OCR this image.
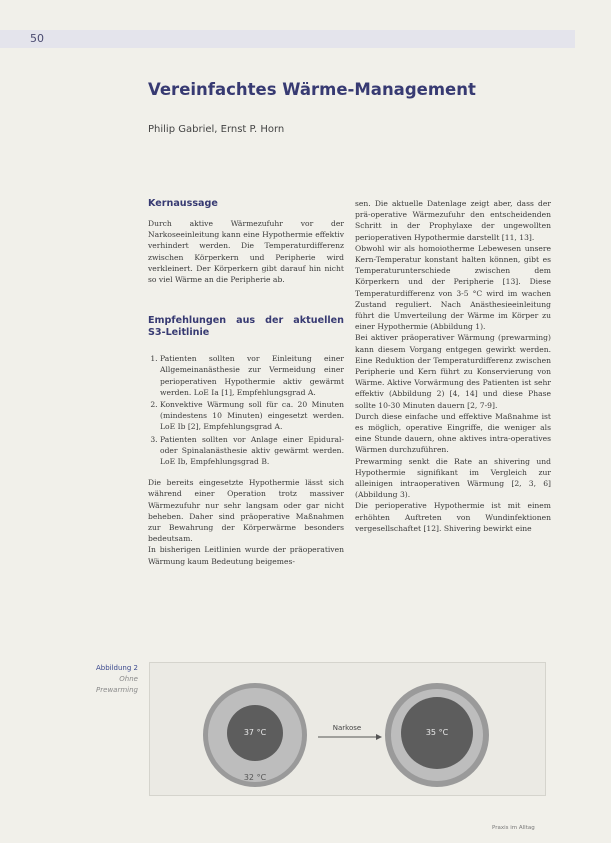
50
Vereinfachtes Wärme-Management
Philip Gabriel, Ernst P. Horn
Kernaussage

Durch aktive Wärmezufuhr vor der Narkoseeinleitung kann eine Hypothermie effektiv verhindert werden. Die Temperaturdifferenz zwischen Körperkern und Peripherie wird verkleinert. Der Körperkern gibt darauf hin nicht so viel Wärme an die Peripherie ab.

Empfehlungen aus der aktuellen S3-Leitlinie
1. Patienten sollten vor Einleitung einer Allgemeinanästhesie zur Vermeidung einer perioperativen Hypothermie aktiv gewärmt werden. LoE Ia [1], Empfehlungsgrad A.
2. Konvektive Wärmung soll für ca. 20 Minuten (mindestens 10 Minuten) eingesetzt werden. LoE Ib [2], Empfehlungsgrad A.
3. Patienten sollten vor Anlage einer Epidural- oder Spinalanästhesie aktiv gewärmt werden. LoE Ib, Empfehlungsgrad B.

Die bereits eingesetzte Hypothermie lässt sich während einer Operation trotz massiver Wärmezufuhr nur sehr langsam oder gar nicht beheben. Daher sind präoperative Maßnahmen zur Bewahrung der Körperwärme besonders bedeutsam.

In bisherigen Leitlinien wurde der präoperativen Wärmung kaum Bedeutung beigemes-

sen. Die aktuelle Datenlage zeigt aber, dass der prä-operative Wärmezufuhr den entscheidenden Schritt in der Prophylaxe der ungewollten perioperativen Hypothermie darstellt [11, 13].

Obwohl wir als homoiotherme Lebewesen unsere Kern-Temperatur konstant halten können, gibt es Temperaturunterschiede zwischen dem Körperkern und der Peripherie [13]. Diese Temperaturdifferenz von 3-5 °C wird im wachen Zustand reguliert. Nach Anästhesieeinleitung führt die Umverteilung der Wärme im Körper zu einer Hypothermie (Abbildung 1).

Bei aktiver präoperativer Wärmung (prewarming) kann diesem Vorgang entgegen gewirkt werden. Eine Reduktion der Temperaturdifferenz zwischen Peripherie und Kern führt zu Konservierung von Wärme. Aktive Vorwärmung des Patienten ist sehr effektiv (Abbildung 2) [4, 14] und diese Phase sollte 10-30 Minuten dauern [2, 7-9].

Durch diese einfache und effektive Maßnahme ist es möglich, operative Eingriffe, die weniger als eine Stunde dauern, ohne aktives intra-operatives Wärmen durchzuführen.

Prewarming senkt die Rate an shivering und Hypothermie signifikant im Vergleich zur alleinigen intraoperativen Wärmung [2, 3, 6] (Abbildung 3).

Die perioperative Hypothermie ist mit einem erhöhten Auftreten von Wundinfektionen vergesellschaftet [12]. Shivering bewirkt eine

Abbildung 2
Ohne Prewarming
37 °C
32 °C
Narkose	35 °C
Praxis im Alltag
